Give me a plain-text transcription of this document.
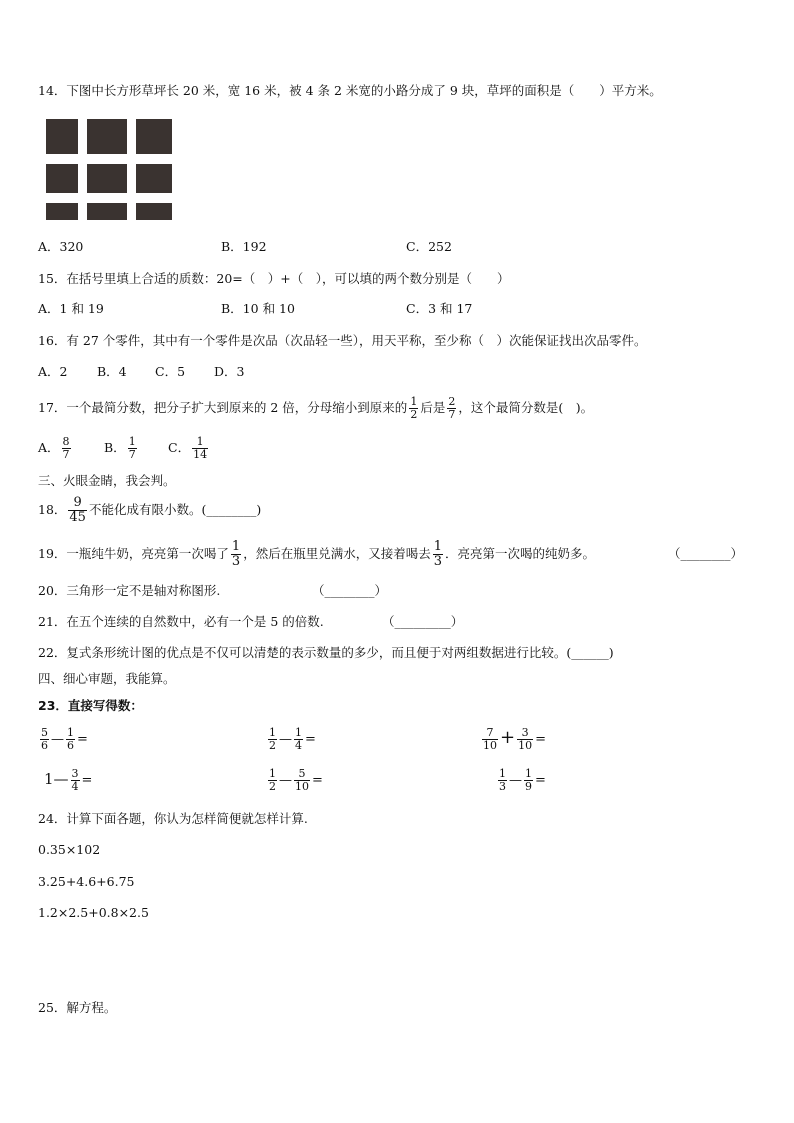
14．下图中长方形草坪长 20 米，宽 16 米，被 4 条 2 米宽的小路分成了 9 块，草坪的面积是（　　）平方米。
A．320	B．192	C．252
15．在括号里填上合适的质数：20=（　）+（　），可以填的两个数分别是（　　）
A．1 和 19	B．10 和 10	C．3 和 17
16．有 27 个零件，其中有一个零件是次品（次品轻一些），用天平称，至少称（　）次能保证找出次品零件。
A．2 B．4 C．5 D．3
17．一个最简分数，把分子扩大到原来的 2 倍，分母缩小到原来的 $\frac{1}{2}$ 后是 $\frac{2}{7}$ ，这个最简分数是(　)。
A． $\frac{8}{7}$	B． $\frac{1}{7}$	C． $\frac{1}{14}$
三、火眼金睛，我会判。
18． $\frac{9}{45}$ 不能化成有限小数。(________)
19．一瓶纯牛奶，亮亮第一次喝了 $\frac{1}{3}$ ，然后在瓶里兑满水，又接着喝去 $\frac{1}{3}$ ．亮亮第一次喝的纯奶多。	（________）
20．三角形一定不是轴对称图形.	（________）
21．在五个连续的自然数中，必有一个是 5 的倍数.	（_________）
22．复式条形统计图的优点是不仅可以清楚的表示数量的多少，而且便于对两组数据进行比较。(______)
四、细心审题，我能算。
23．直接写得数：
$\frac{5}{6}$ — $\frac{1}{6}$ =	$\frac{1}{2}$ — $\frac{1}{4}$ =	$\frac{7}{10} + \frac{3}{10}$ =
1— $\frac{3}{4}$ =	$\frac{1}{2}$ — $\frac{5}{10}$ =	$\frac{1}{3}$ — $\frac{1}{9}$ =
24．计算下面各题，你认为怎样简便就怎样计算.
0.35×102
3.25+4.6+6.75
1.2×2.5+0.8×2.5
25．解方程。
